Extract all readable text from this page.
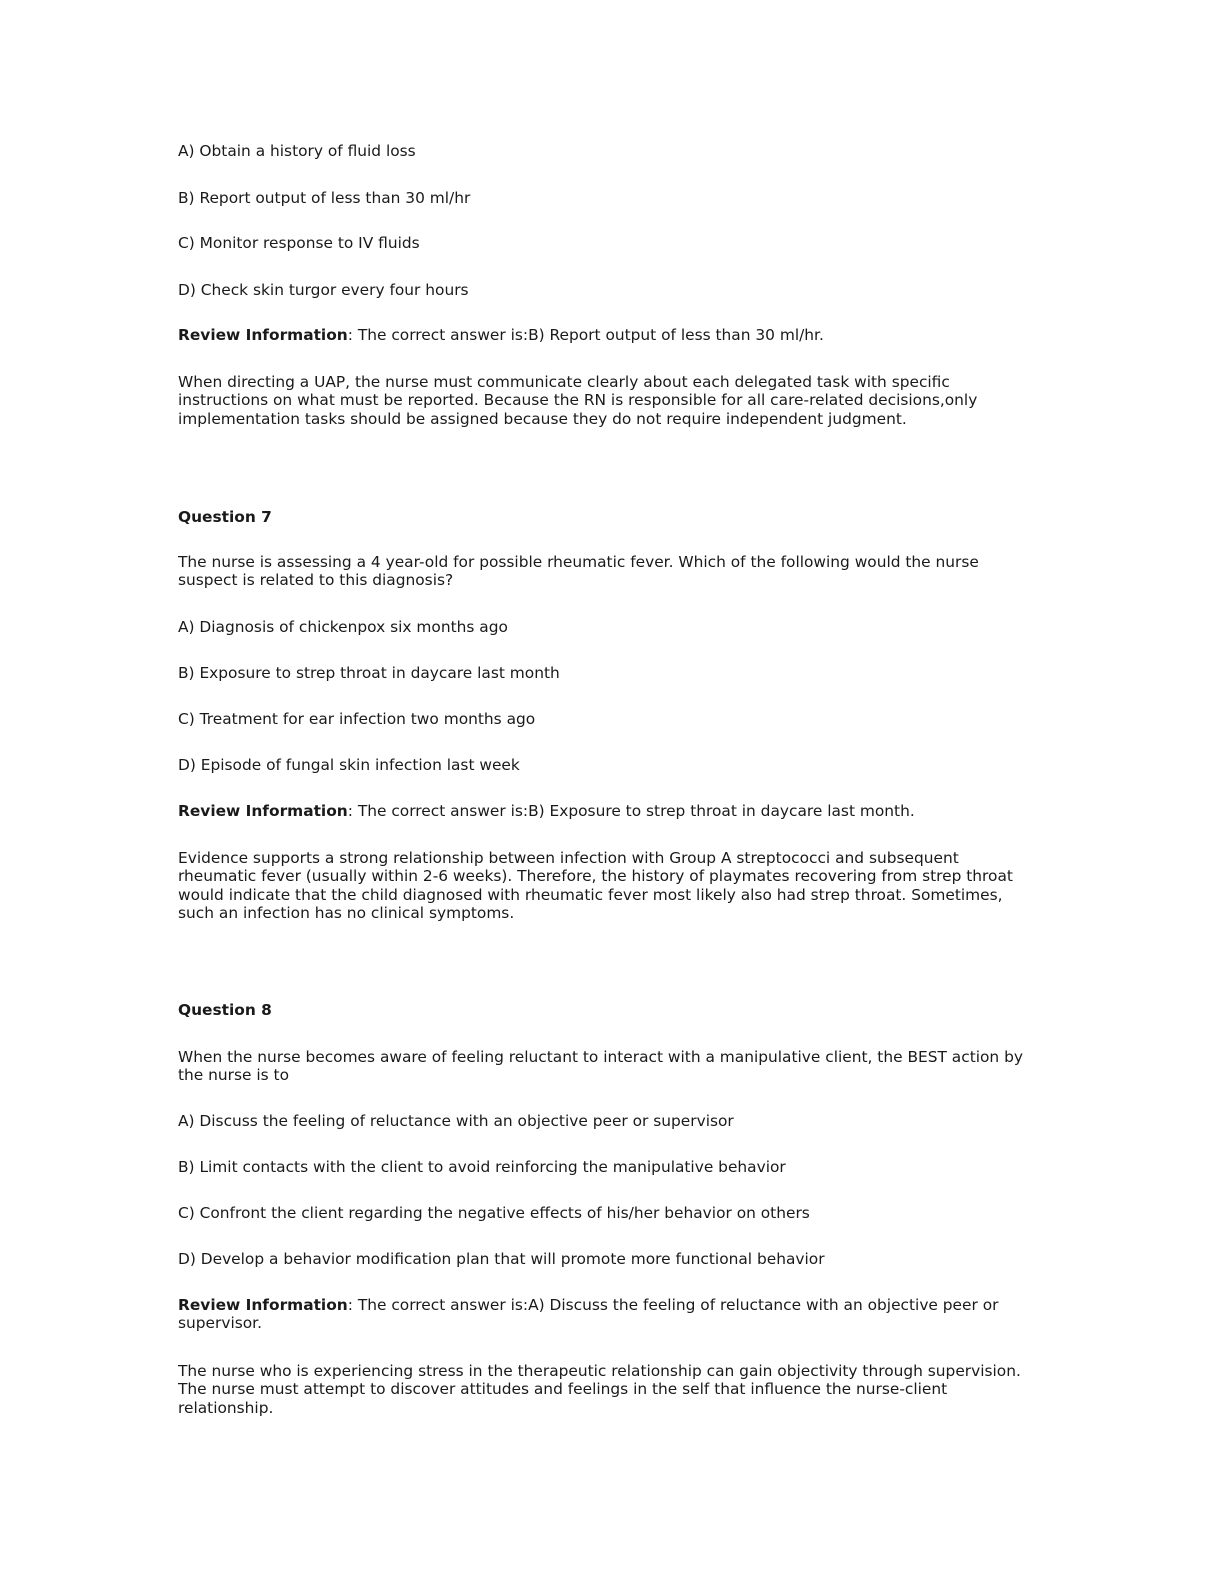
A) Obtain a history of fluid loss

B) Report output of less than 30 ml/hr

C) Monitor response to IV fluids

D) Check skin turgor every four hours

Review Information: The correct answer is:B) Report output of less than 30 ml/hr.

When directing a UAP, the nurse must communicate clearly about each delegated task with specific instructions on what must be reported. Because the RN is responsible for all care-related decisions,only implementation tasks should be assigned because they do not require independent judgment.

Question 7

The nurse is assessing a 4 year-old for possible rheumatic fever. Which of the following would the nurse suspect is related to this diagnosis?

A) Diagnosis of chickenpox six months ago

B) Exposure to strep throat in daycare last month

C) Treatment for ear infection two months ago

D) Episode of fungal skin infection last week

Review Information: The correct answer is:B) Exposure to strep throat in daycare last month.

Evidence supports a strong relationship between infection with Group A streptococci and subsequent rheumatic fever (usually within 2-6 weeks). Therefore, the history of playmates recovering from strep throat would indicate that the child diagnosed with rheumatic fever most likely also had strep throat. Sometimes, such an infection has no clinical symptoms.

Question 8

When the nurse becomes aware of feeling reluctant to interact with a manipulative client, the BEST action by the nurse is to

A) Discuss the feeling of reluctance with an objective peer or supervisor

B) Limit contacts with the client to avoid reinforcing the manipulative behavior

C) Confront the client regarding the negative effects of his/her behavior on others

D) Develop a behavior modification plan that will promote more functional behavior

Review Information: The correct answer is:A) Discuss the feeling of reluctance with an objective peer or supervisor.

The nurse who is experiencing stress in the therapeutic relationship can gain objectivity through supervision. The nurse must attempt to discover attitudes and feelings in the self that influence the nurse-client relationship.
